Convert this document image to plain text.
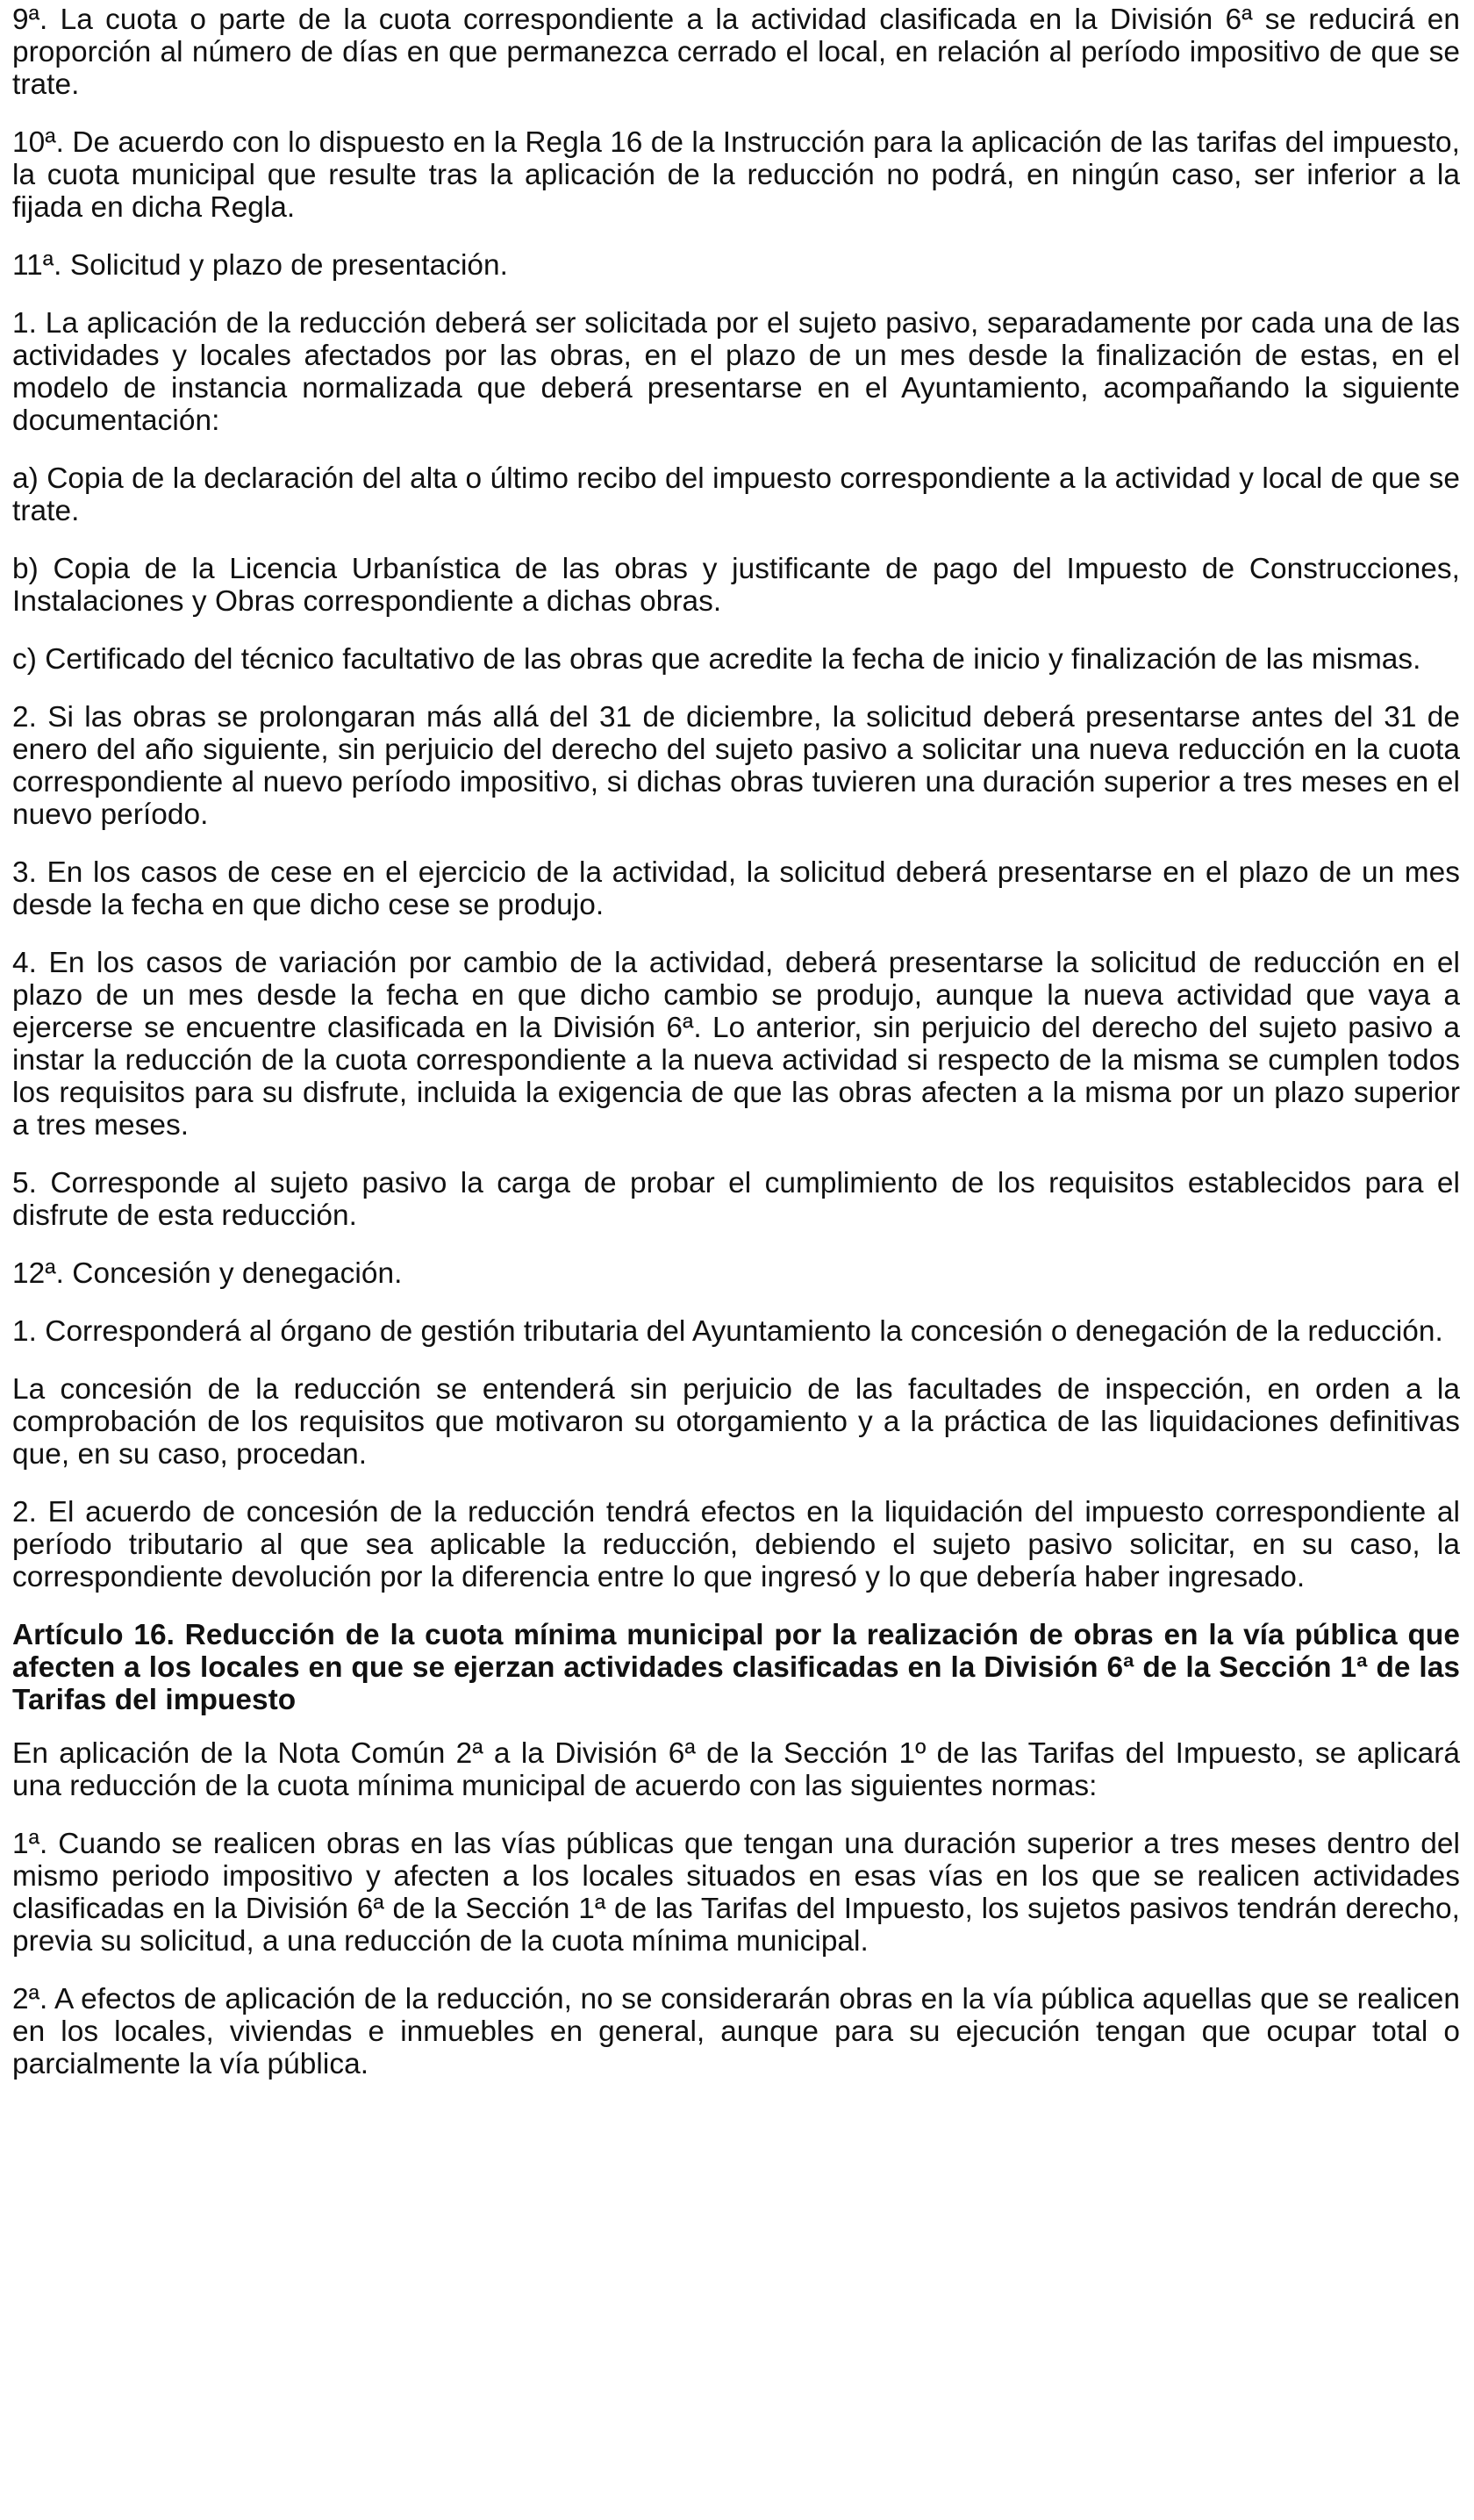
9ª. La cuota o parte de la cuota correspondiente a la actividad clasificada en la División 6ª se reducirá en proporción al número de días en que permanezca cerrado el local, en relación al período impositivo de que se trate.

10ª. De acuerdo con lo dispuesto en la Regla 16 de la Instrucción para la aplicación de las tarifas del impuesto, la cuota municipal que resulte tras la aplicación de la reducción no podrá, en ningún caso, ser inferior a la fijada en dicha Regla.

11ª. Solicitud y plazo de presentación.

1. La aplicación de la reducción deberá ser solicitada por el sujeto pasivo, separadamente por cada una de las actividades y locales afectados por las obras, en el plazo de un mes desde la finalización de estas, en el modelo de instancia normalizada que deberá presentarse en el Ayuntamiento, acompañando la siguiente documentación:

a) Copia de la declaración del alta o último recibo del impuesto correspondiente a la actividad y local de que se trate.

b) Copia de la Licencia Urbanística de las obras y justificante de pago del Impuesto de Construcciones, Instalaciones y Obras correspondiente a dichas obras.

c) Certificado del técnico facultativo de las obras que acredite la fecha de inicio y finalización de las mismas.

2. Si las obras se prolongaran más allá del 31 de diciembre, la solicitud deberá presentarse antes del 31 de enero del año siguiente, sin perjuicio del derecho del sujeto pasivo a solicitar una nueva reducción en la cuota correspondiente al nuevo período impositivo, si dichas obras tuvieren una duración superior a tres meses en el nuevo período.

3. En los casos de cese en el ejercicio de la actividad, la solicitud deberá presentarse en el plazo de un mes desde la fecha en que dicho cese se produjo.

4. En los casos de variación por cambio de la actividad, deberá presentarse la solicitud de reducción en el plazo de un mes desde la fecha en que dicho cambio se produjo, aunque la nueva actividad que vaya a ejercerse se encuentre clasificada en la División 6ª. Lo anterior, sin perjuicio del derecho del sujeto pasivo a instar la reducción de la cuota correspondiente a la nueva actividad si respecto de la misma se cumplen todos los requisitos para su disfrute, incluida la exigencia de que las obras afecten a la misma por un plazo superior a tres meses.

5. Corresponde al sujeto pasivo la carga de probar el cumplimiento de los requisitos establecidos para el disfrute de esta reducción.

12ª. Concesión y denegación.

1. Corresponderá al órgano de gestión tributaria del Ayuntamiento la concesión o denegación de la reducción.

La concesión de la reducción se entenderá sin perjuicio de las facultades de inspección, en orden a la comprobación de los requisitos que motivaron su otorgamiento y a la práctica de las liquidaciones definitivas que, en su caso, procedan.

2. El acuerdo de concesión de la reducción tendrá efectos en la liquidación del impuesto correspondiente al período tributario al que sea aplicable la reducción, debiendo el sujeto pasivo solicitar, en su caso, la correspondiente devolución por la diferencia entre lo que ingresó y lo que debería haber ingresado.

Artículo 16. Reducción de la cuota mínima municipal por la realización de obras en la vía pública que afecten a los locales en que se ejerzan actividades clasificadas en la División 6ª de la Sección 1ª de las Tarifas del impuesto

En aplicación de la Nota Común 2ª a la División 6ª de la Sección 1º de las Tarifas del Impuesto, se aplicará una reducción de la cuota mínima municipal de acuerdo con las siguientes normas:

1ª. Cuando se realicen obras en las vías públicas que tengan una duración superior a tres meses dentro del mismo periodo impositivo y afecten a los locales situados en esas vías en los que se realicen actividades clasificadas en la División 6ª de la Sección 1ª de las Tarifas del Impuesto, los sujetos pasivos tendrán derecho, previa su solicitud, a una reducción de la cuota mínima municipal.

2ª. A efectos de aplicación de la reducción, no se considerarán obras en la vía pública aquellas que se realicen en los locales, viviendas e inmuebles en general, aunque para su ejecución tengan que ocupar total o parcialmente la vía pública.
